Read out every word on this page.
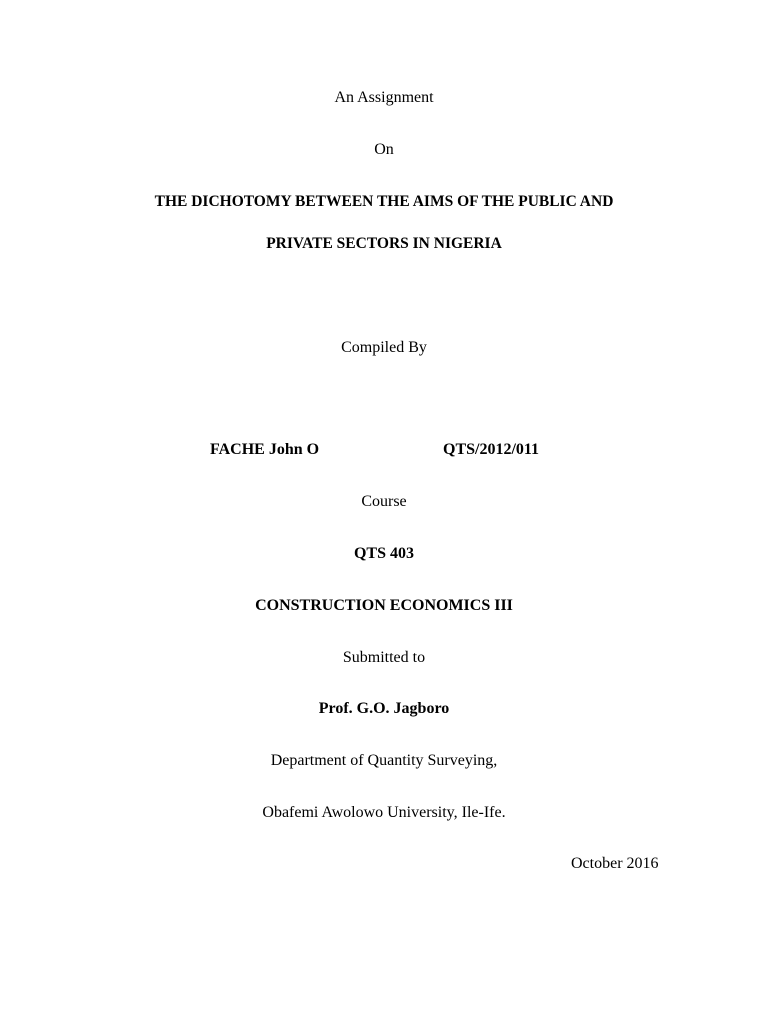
An Assignment
On
THE DICHOTOMY BETWEEN THE AIMS OF THE PUBLIC AND
PRIVATE SECTORS IN NIGERIA
Compiled By
FACHE John O	QTS/2012/011
Course
QTS 403
CONSTRUCTION ECONOMICS III
Submitted to
Prof. G.O. Jagboro
Department of Quantity Surveying,
Obafemi Awolowo University, Ile-Ife.
October 2016
